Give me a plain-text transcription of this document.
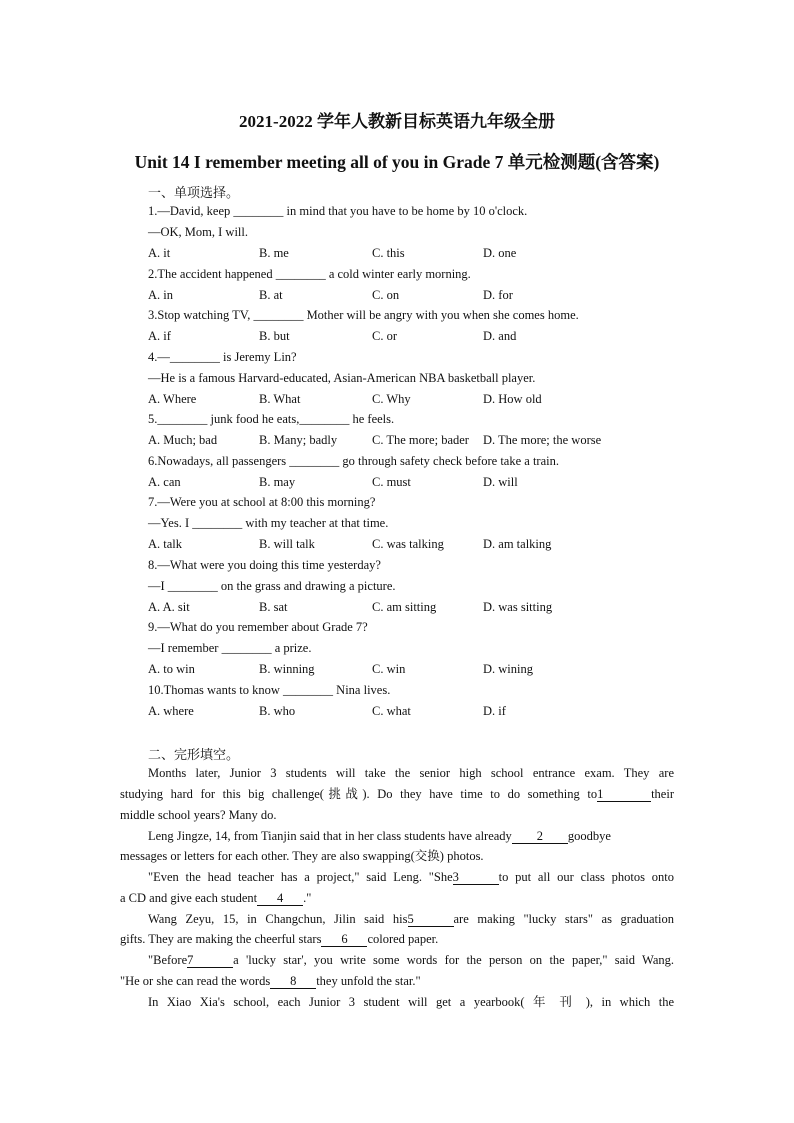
2021-2022 学年人教新目标英语九年级全册
Unit 14 I remember meeting all of you in Grade 7 单元检测题(含答案)
一、单项选择。
1.—David, keep ________ in mind that you have to be home by 10 o'clock.
—OK, Mom, I will.
A. it	B. me	C. this	D. one
2.The accident happened ________ a cold winter early morning.
A. in	B. at	C. on	D. for
3.Stop watching TV, ________ Mother will be angry with you when she comes home.
A. if	B. but	C. or	D. and
4.—________ is Jeremy Lin?
—He is a famous Harvard-educated, Asian-American NBA basketball player.
A. Where	B. What	C. Why	D. How old
5.________ junk food he eats,________ he feels.
A. Much; bad	B. Many; badly	C. The more; bader D. The more; the worse
6.Nowadays, all passengers ________ go through safety check before take a train.
A. can	B. may	C. must	D. will
7.—Were you at school at 8:00 this morning?
—Yes. I ________ with my teacher at that time.
A. talk	B. will talk	C. was talking	D. am talking
8.—What were you doing this time yesterday?
—I ________ on the grass and drawing a picture.
A. A. sit	B. sat	C. am sitting	D. was sitting
9.—What do you remember about Grade 7?
—I remember ________ a prize.
A. to win	B. winning	C. win	D. wining
10.Thomas wants to know ________ Nina lives.
A. where	B. who	C. what	D. if
二、完形填空。
Months later, Junior 3 students will take the senior high school entrance exam. They are
studying hard for this big challenge(挑战). Do they have time to do something to1	their
middle school years? Many do.
Leng Jingze, 14, from Tianjin said that in her class students have already 2 goodbye
messages or letters for each other. They are also swapping(交换) photos.
"Even the head teacher has a project," said Leng. "She3	to put all our class photos onto
a CD and give each student 4 ."
Wang Zeyu, 15, in Changchun, Jilin said his5	are making "lucky stars" as graduation
gifts. They are making the cheerful stars 6 colored paper.
"Before7	a 'lucky star', you write some words for the person on the paper," said Wang.
"He or she can read the words 8 they unfold the star."
In Xiao Xia's school, each Junior 3 student will get a yearbook( 年 刊 ), in which the
